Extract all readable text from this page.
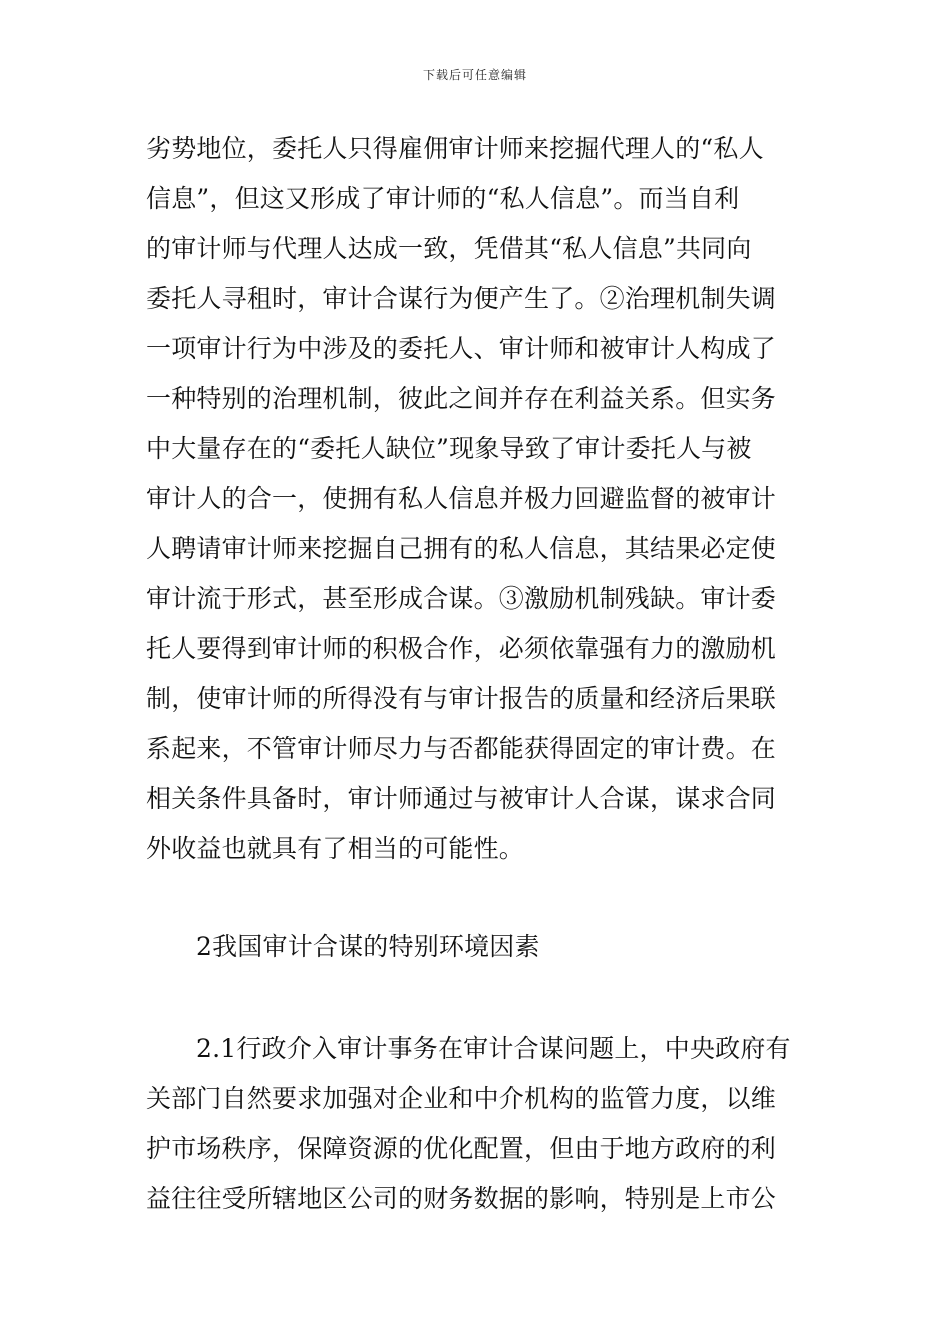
下载后可任意编辑
劣势地位，委托人只得雇佣审计师来挖掘代理人的“私人
信息”，但这又形成了审计师的“私人信息”。而当自利
的审计师与代理人达成一致，凭借其“私人信息”共同向
委托人寻租时，审计合谋行为便产生了。②治理机制失调
一项审计行为中涉及的委托人、审计师和被审计人构成了
一种特别的治理机制，彼此之间并存在利益关系。但实务
中大量存在的“委托人缺位”现象导致了审计委托人与被
审计人的合一，使拥有私人信息并极力回避监督的被审计
人聘请审计师来挖掘自己拥有的私人信息，其结果必定使
审计流于形式，甚至形成合谋。③激励机制残缺。审计委
托人要得到审计师的积极合作，必须依靠强有力的激励机
制，使审计师的所得没有与审计报告的质量和经济后果联
系起来，不管审计师尽力与否都能获得固定的审计费。在
相关条件具备时，审计师通过与被审计人合谋，谋求合同
外收益也就具有了相当的可能性。
2我国审计合谋的特别环境因素
2.1行政介入审计事务在审计合谋问题上，中央政府有
关部门自然要求加强对企业和中介机构的监管力度，以维
护市场秩序，保障资源的优化配置，但由于地方政府的利
益往往受所辖地区公司的财务数据的影响，特别是上市公
